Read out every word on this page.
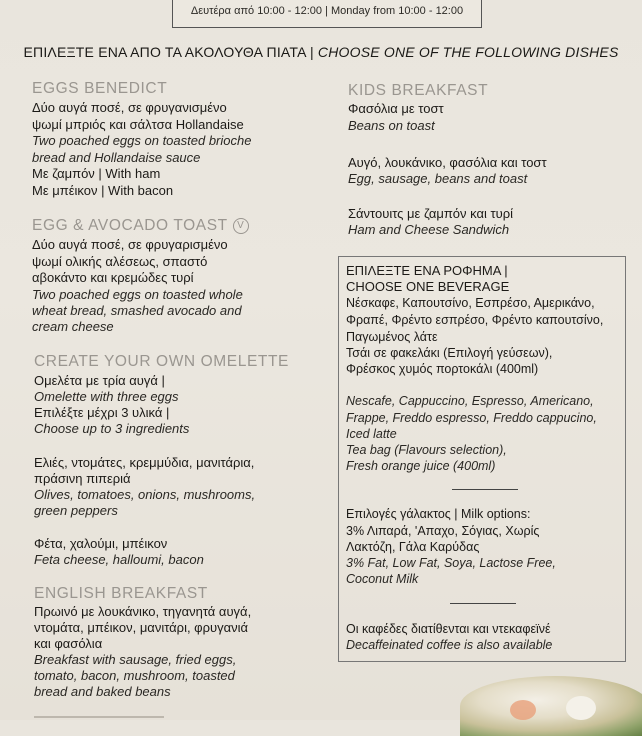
Δευτέρα από 10:00 - 12:00 | Monday from 10:00 - 12:00
ΕΠΙΛΕΞΤΕ ΕΝΑ ΑΠΟ ΤΑ ΑΚΟΛΟΥΘΑ ΠΙΑΤΑ | CHOOSE ONE OF THE FOLLOWING DISHES
EGGS BENEDICT
Δύο αυγά ποσέ, σε φρυγανισμένο
ψωμί μπριός και σάλτσα Hollandaise
Two poached eggs on toasted brioche
bread and Hollandaise sauce
Με ζαμπόν | With ham
Με μπέικον | With bacon
EGG & AVOCADO TOAST V
Δύο αυγά ποσέ, σε φρυγαρισμένο
ψωμί ολικής αλέσεως, σπαστό
αβοκάντο και κρεμώδες τυρί
Two poached eggs on toasted whole
wheat bread, smashed avocado and
cream cheese
CREATE YOUR OWN OMELETTE
Ομελέτα με τρία αυγά |
Omelette with three eggs
Επιλέξτε μέχρι 3 υλικά |
Choose up to 3 ingredients
Ελιές, ντομάτες, κρεμμύδια, μανιτάρια,
πράσινη πιπεριά
Olives, tomatoes, onions, mushrooms,
green peppers
Φέτα, χαλούμι, μπέικον
Feta cheese, halloumi, bacon
ENGLISH BREAKFAST
Πρωινό με λουκάνικο, τηγανητά αυγά,
ντομάτα, μπέικον, μανιτάρι, φρυγανιά
και φασόλια
Breakfast with sausage, fried eggs,
tomato, bacon, mushroom, toasted
bread and baked beans
KIDS BREAKFAST
Φασόλια με τοστ
Beans on toast
Αυγό, λουκάνικο, φασόλια και τοστ
Egg, sausage, beans and toast
Σάντουιτς με ζαμπόν και τυρί
Ham and Cheese Sandwich
ΕΠΙΛΕΞΤΕ ΕΝΑ ΡΟΦΗΜΑ |
CHOOSE ONE BEVERAGE
Νέσκαφε, Καπουτσίνο, Εσπρέσο, Αμερικάνο,
Φραπέ, Φρέντο εσπρέσο, Φρέντο καπουτσίνο,
Παγωμένος λάτε
Τσάι σε φακελάκι (Επιλογή γεύσεων),
Φρέσκος χυμός πορτοκάλι (400ml)
Nescafe, Cappuccino, Espresso, Americano,
Frappe, Freddo espresso, Freddo cappucino,
Iced latte
Tea bag (Flavours selection),
Fresh orange juice (400ml)
Επιλογές γάλακτος | Milk options:
3% Λιπαρά, 'Απαχο, Σόγιας, Χωρίς
Λακτόζη, Γάλα Καρύδας
3% Fat, Low Fat, Soya, Lactose Free,
Coconut Milk
Οι καφέδες διατίθενται και ντεκαφεϊνέ
Decaffeinated coffee is also available
